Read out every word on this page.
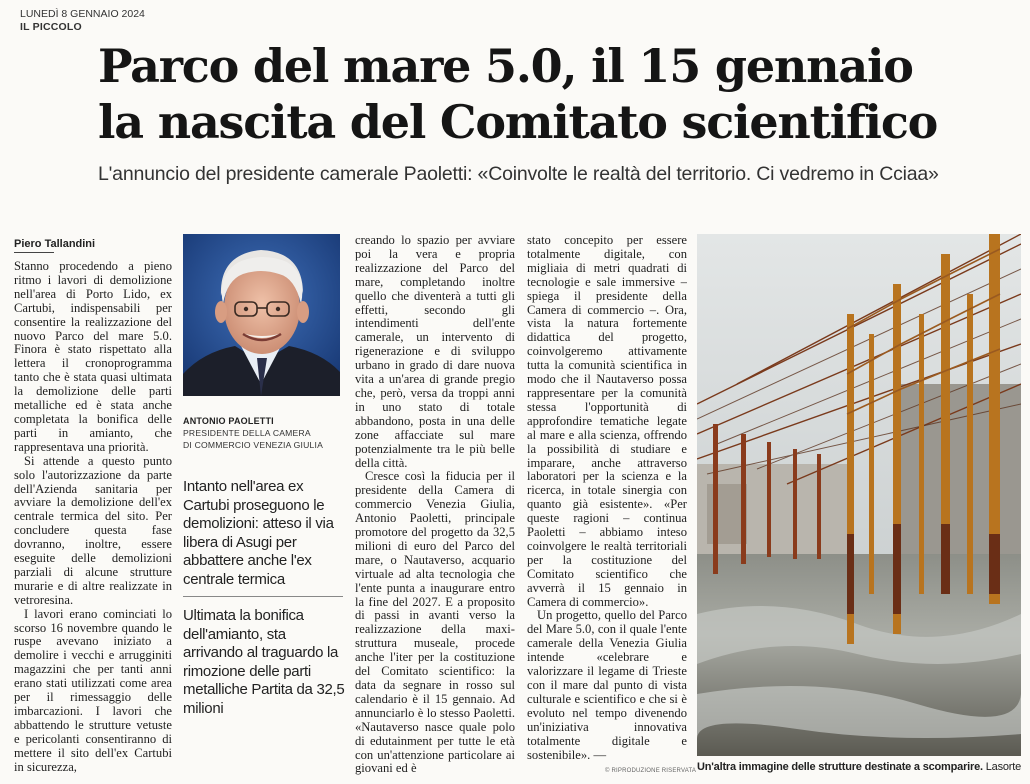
LUNEDÌ 8 GENNAIO 2024
IL PICCOLO
Parco del mare 5.0, il 15 gennaio
la nascita del Comitato scientifico
L'annuncio del presidente camerale Paoletti: «Coinvolte le realtà del territorio. Ci vedremo in Cciaa»
Piero Tallandini

Stanno procedendo a pieno ritmo i lavori di demolizione nell'area di Porto Lido, ex Cartubi, indispensabili per consentire la realizzazione del nuovo Parco del mare 5.0. Finora è stato rispettato alla lettera il cronoprogramma tanto che è stata quasi ultimata la demolizione delle parti metalliche ed è stata anche completata la bonifica delle parti in amianto, che rappresentava una priorità.

Si attende a questo punto solo l'autorizzazione da parte dell'Azienda sanitaria per avviare la demolizione dell'ex centrale termica del sito. Per concludere questa fase dovranno, inoltre, essere eseguite delle demolizioni parziali di alcune strutture murarie e di altre realizzate in vetroresina.

I lavori erano cominciati lo scorso 16 novembre quando le ruspe avevano iniziato a demolire i vecchi e arrugginiti magazzini che per tanti anni erano stati utilizzati come area per il rimessaggio delle imbarcazioni. I lavori che abbattendo le strutture vetuste e pericolanti consentiranno di mettere il sito dell'ex Cartubi in sicurezza,

ANTONIO PAOLETTI
PRESIDENTE DELLA CAMERA
DI COMMERCIO VENEZIA GIULIA
Intanto nell'area ex Cartubi proseguono le demolizioni: atteso il via libera di Asugi per abbattere anche l'ex centrale termica
Ultimata la bonifica dell'amianto, sta arrivando al traguardo la rimozione delle parti metalliche Partita da 32,5 milioni

creando lo spazio per avviare poi la vera e propria realizzazione del Parco del mare, completando inoltre quello che diventerà a tutti gli effetti, secondo gli intendimenti dell'ente camerale, un intervento di rigenerazione e di sviluppo urbano in grado di dare nuova vita a un'area di grande pregio che, però, versa da troppi anni in uno stato di totale abbandono, posta in una delle zone affacciate sul mare potenzialmente tra le più belle della città.

Cresce così la fiducia per il presidente della Camera di commercio Venezia Giulia, Antonio Paoletti, principale promotore del progetto da 32,5 milioni di euro del Parco del mare, o Nautaverso, acquario virtuale ad alta tecnologia che l'ente punta a inaugurare entro la fine del 2027. E a proposito di passi in avanti verso la realizzazione della maxi-struttura museale, procede anche l'iter per la costituzione del Comitato scientifico: la data da segnare in rosso sul calendario è il 15 gennaio. Ad annunciarlo è lo stesso Paoletti. «Nautaverso nasce quale polo di edutainment per tutte le età con un'attenzione particolare ai giovani ed è

stato concepito per essere totalmente digitale, con migliaia di metri quadrati di tecnologie e sale immersive – spiega il presidente della Camera di commercio –. Ora, vista la natura fortemente didattica del progetto, coinvolgeremo attivamente tutta la comunità scientifica in modo che il Nautaverso possa rappresentare per la comunità stessa l'opportunità di approfondire tematiche legate al mare e alla scienza, offrendo la possibilità di studiare e imparare, anche attraverso laboratori per la scienza e la ricerca, in totale sinergia con quanto già esistente». «Per queste ragioni – continua Paoletti – abbiamo inteso coinvolgere le realtà territoriali per la costituzione del Comitato scientifico che avverrà il 15 gennaio in Camera di commercio».

Un progetto, quello del Parco del Mare 5.0, con il quale l'ente camerale della Venezia Giulia intende «celebrare e valorizzare il legame di Trieste con il mare dal punto di vista culturale e scientifico e che si è evoluto nel tempo divenendo un'iniziativa innovativa totalmente digitale e sostenibile». —

© RIPRODUZIONE RISERVATA Un'altra immagine delle strutture destinate a scomparire. Lasorte
